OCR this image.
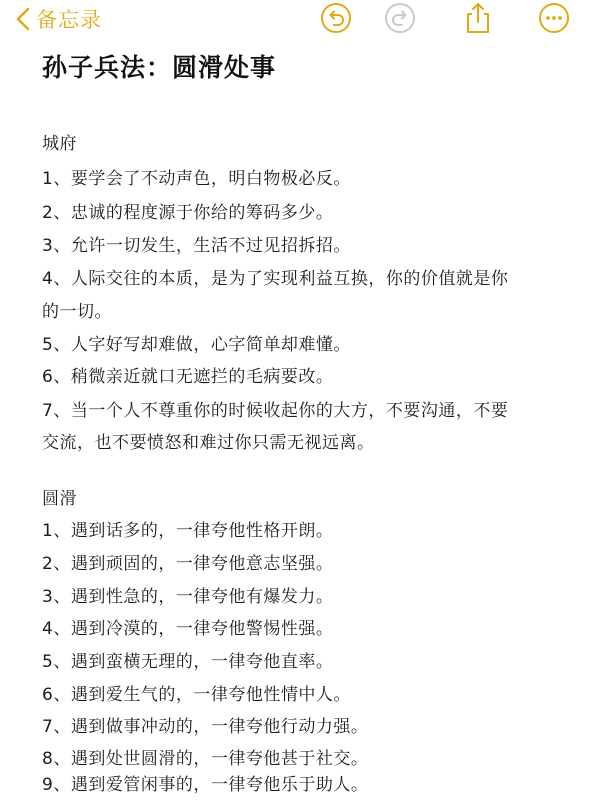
备忘录
孙子兵法：圆滑处事
城府
1、要学会了不动声色，明白物极必反。
2、忠诚的程度源于你给的筹码多少。
3、允许一切发生，生活不过见招拆招。
4、人际交往的本质，是为了实现利益互换，你的价值就是你
的一切。
5、人字好写却难做，心字简单却难懂。
6、稍微亲近就口无遮拦的毛病要改。
7、当一个人不尊重你的时候收起你的大方，不要沟通，不要
交流，也不要愤怒和难过你只需无视远离。
圆滑
1、遇到话多的，一律夸他性格开朗。
2、遇到顽固的，一律夸他意志坚强。
3、遇到性急的，一律夸他有爆发力。
4、遇到冷漠的，一律夸他警惕性强。
5、遇到蛮横无理的，一律夸他直率。
6、遇到爱生气的，一律夸他性情中人。
7、遇到做事冲动的，一律夸他行动力强。
8、遇到处世圆滑的，一律夸他甚于社交。
9、遇到爱管闲事的，一律夸他乐于助人。
